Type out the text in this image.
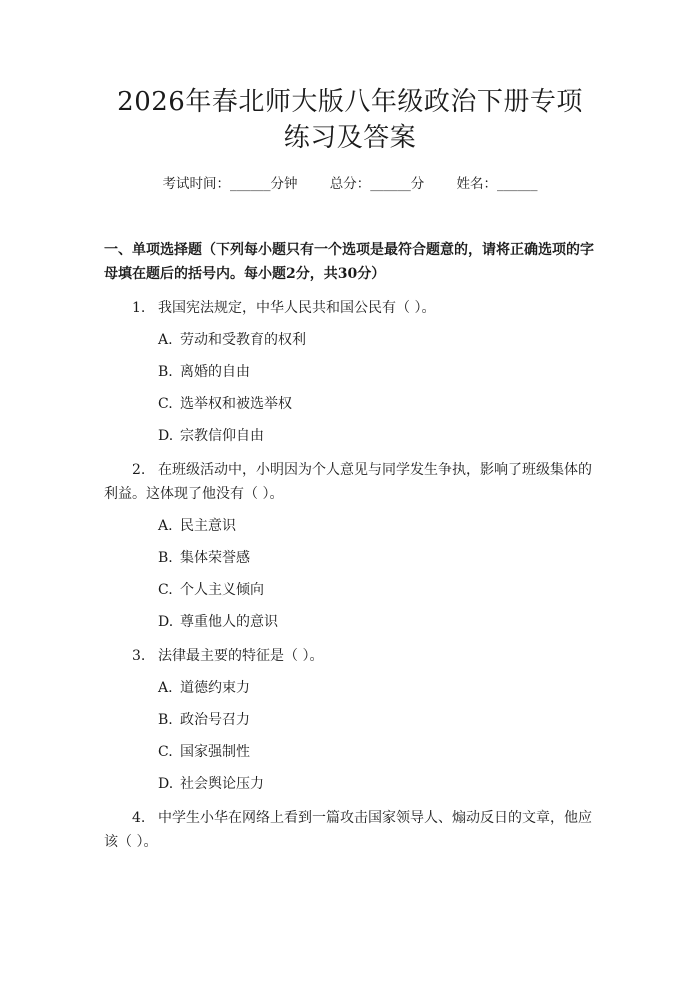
2026年春北师大版八年级政治下册专项练习及答案
考试时间：______分钟 总分：______分 姓名：______
一、单项选择题（下列每小题只有一个选项是最符合题意的，请将正确选项的字母填在题后的括号内。每小题2分，共30分）
1. 我国宪法规定，中华人民共和国公民有（ ）。
A. 劳动和受教育的权利
B. 离婚的自由
C. 选举权和被选举权
D. 宗教信仰自由
2. 在班级活动中，小明因为个人意见与同学发生争执，影响了班级集体的利益。这体现了他没有（ ）。
A. 民主意识
B. 集体荣誉感
C. 个人主义倾向
D. 尊重他人的意识
3. 法律最主要的特征是（ ）。
A. 道德约束力
B. 政治号召力
C. 国家强制性
D. 社会舆论压力
4. 中学生小华在网络上看到一篇攻击国家领导人、煽动反日的文章，他应该（ ）。
